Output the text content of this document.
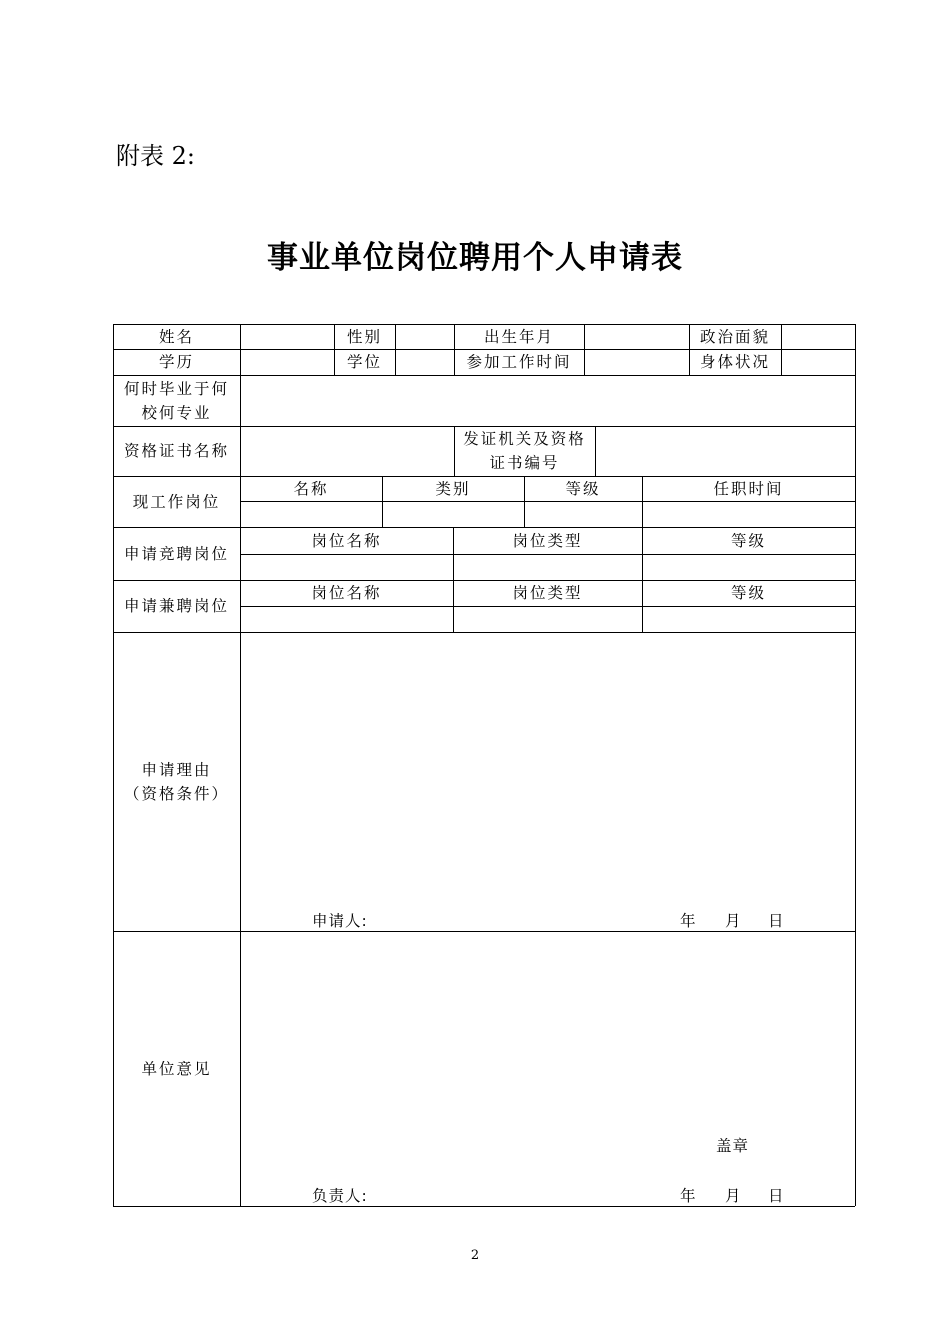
附表 2:
事业单位岗位聘用个人申请表
姓名	性别	出生年月	政治面貌
学历	学位	参加工作时间	身体状况
何时毕业于何
校何专业
资格证书名称
发证机关及资格
证书编号
现工作岗位
名称	类别	等级	任职时间
申请竞聘岗位
岗位名称	岗位类型	等级
申请兼聘岗位
岗位名称	岗位类型	等级
申请理由
（资格条件）
申请人:	年 月 日
单位意见
盖章
负责人:	年 月 日
2
